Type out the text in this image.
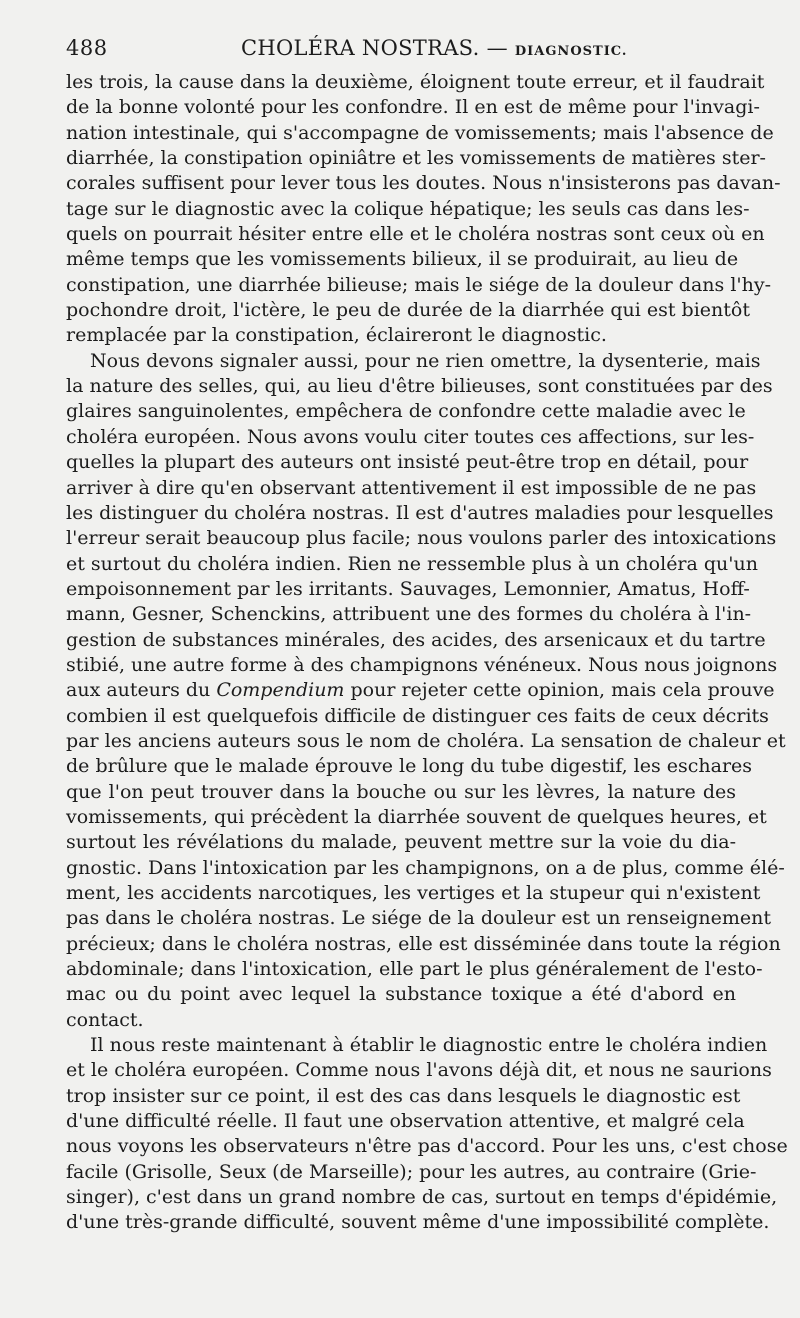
488	CHOLÉRA NOSTRAS. — DIAGNOSTIC.
les trois, la cause dans la deuxième, éloignent toute erreur, et il faudrait
de la bonne volonté pour les confondre. Il en est de même pour l'invagi-
nation intestinale, qui s'accompagne de vomissements; mais l'absence de
diarrhée, la constipation opiniâtre et les vomissements de matières ster-
corales suffisent pour lever tous les doutes. Nous n'insisterons pas davan-
tage sur le diagnostic avec la colique hépatique; les seuls cas dans les-
quels on pourrait hésiter entre elle et le choléra nostras sont ceux où en
même temps que les vomissements bilieux, il se produirait, au lieu de
constipation, une diarrhée bilieuse; mais le siége de la douleur dans l'hy-
pochondre droit, l'ictère, le peu de durée de la diarrhée qui est bientôt
remplacée par la constipation, éclaireront le diagnostic.
Nous devons signaler aussi, pour ne rien omettre, la dysenterie, mais
la nature des selles, qui, au lieu d'être bilieuses, sont constituées par des
glaires sanguinolentes, empêchera de confondre cette maladie avec le
choléra européen. Nous avons voulu citer toutes ces affections, sur les-
quelles la plupart des auteurs ont insisté peut-être trop en détail, pour
arriver à dire qu'en observant attentivement il est impossible de ne pas
les distinguer du choléra nostras. Il est d'autres maladies pour lesquelles
l'erreur serait beaucoup plus facile; nous voulons parler des intoxications
et surtout du choléra indien. Rien ne ressemble plus à un choléra qu'un
empoisonnement par les irritants. Sauvages, Lemonnier, Amatus, Hoff-
mann, Gesner, Schenckins, attribuent une des formes du choléra à l'in-
gestion de substances minérales, des acides, des arsenicaux et du tartre
stibié, une autre forme à des champignons vénéneux. Nous nous joignons
aux auteurs du Compendium pour rejeter cette opinion, mais cela prouve
combien il est quelquefois difficile de distinguer ces faits de ceux décrits
par les anciens auteurs sous le nom de choléra. La sensation de chaleur et
de brûlure que le malade éprouve le long du tube digestif, les eschares
que l'on peut trouver dans la bouche ou sur les lèvres, la nature des
vomissements, qui précèdent la diarrhée souvent de quelques heures, et
surtout les révélations du malade, peuvent mettre sur la voie du dia-
gnostic. Dans l'intoxication par les champignons, on a de plus, comme élé-
ment, les accidents narcotiques, les vertiges et la stupeur qui n'existent
pas dans le choléra nostras. Le siége de la douleur est un renseignement
précieux; dans le choléra nostras, elle est disséminée dans toute la région
abdominale; dans l'intoxication, elle part le plus généralement de l'esto-
mac ou du point avec lequel la substance toxique a été d'abord en
contact.
Il nous reste maintenant à établir le diagnostic entre le choléra indien
et le choléra européen. Comme nous l'avons déjà dit, et nous ne saurions
trop insister sur ce point, il est des cas dans lesquels le diagnostic est
d'une difficulté réelle. Il faut une observation attentive, et malgré cela
nous voyons les observateurs n'être pas d'accord. Pour les uns, c'est chose
facile (Grisolle, Seux (de Marseille); pour les autres, au contraire (Grie-
singer), c'est dans un grand nombre de cas, surtout en temps d'épidémie,
d'une très-grande difficulté, souvent même d'une impossibilité complète.
